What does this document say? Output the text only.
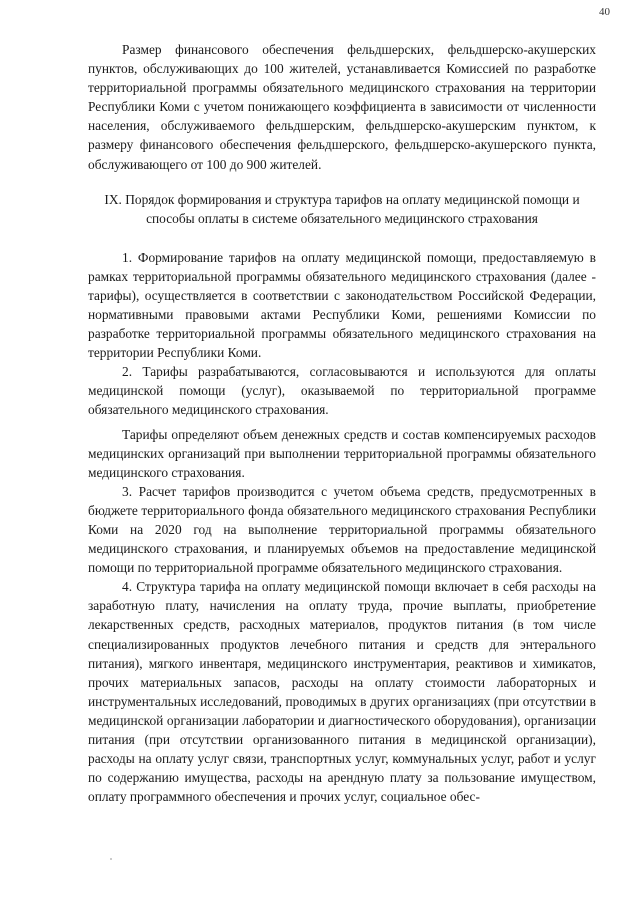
40

Размер финансового обеспечения фельдшерских, фельдшерско-акушерских пунктов, обслуживающих до 100 жителей, устанавливается Комиссией по разработке территориальной программы обязательного медицинского страхования на территории Республики Коми с учетом понижающего коэффициента в зависимости от численности населения, обслуживаемого фельдшерским, фельдшерско-акушерским пунктом, к размеру финансового обеспечения фельдшерского, фельдшерско-акушерского пункта, обслуживающего от 100 до 900 жителей.

IX. Порядок формирования и структура тарифов на оплату медицинской помощи и способы оплаты в системе обязательного медицинского страхования

1. Формирование тарифов на оплату медицинской помощи, предоставляемую в рамках территориальной программы обязательного медицинского страхования (далее - тарифы), осуществляется в соответствии с законодательством Российской Федерации, нормативными правовыми актами Республики Коми, решениями Комиссии по разработке территориальной программы обязательного медицинского страхования на территории Республики Коми.

2. Тарифы разрабатываются, согласовываются и используются для оплаты медицинской помощи (услуг), оказываемой по территориальной программе обязательного медицинского страхования.

Тарифы определяют объем денежных средств и состав компенсируемых расходов медицинских организаций при выполнении территориальной программы обязательного медицинского страхования.

3. Расчет тарифов производится с учетом объема средств, предусмотренных в бюджете территориального фонда обязательного медицинского страхования Республики Коми на 2020 год на выполнение территориальной программы обязательного медицинского страхования, и планируемых объемов на предоставление медицинской помощи по территориальной программе обязательного медицинского страхования.

4. Структура тарифа на оплату медицинской помощи включает в себя расходы на заработную плату, начисления на оплату труда, прочие выплаты, приобретение лекарственных средств, расходных материалов, продуктов питания (в том числе специализированных продуктов лечебного питания и средств для энтерального питания), мягкого инвентаря, медицинского инструментария, реактивов и химикатов, прочих материальных запасов, расходы на оплату стоимости лабораторных и инструментальных исследований, проводимых в других организациях (при отсутствии в медицинской организации лаборатории и диагностического оборудования), организации питания (при отсутствии организованного питания в медицинской организации), расходы на оплату услуг связи, транспортных услуг, коммунальных услуг, работ и услуг по содержанию имущества, расходы на арендную плату за пользование имуществом, оплату программного обеспечения и прочих услуг, социальное обес-
